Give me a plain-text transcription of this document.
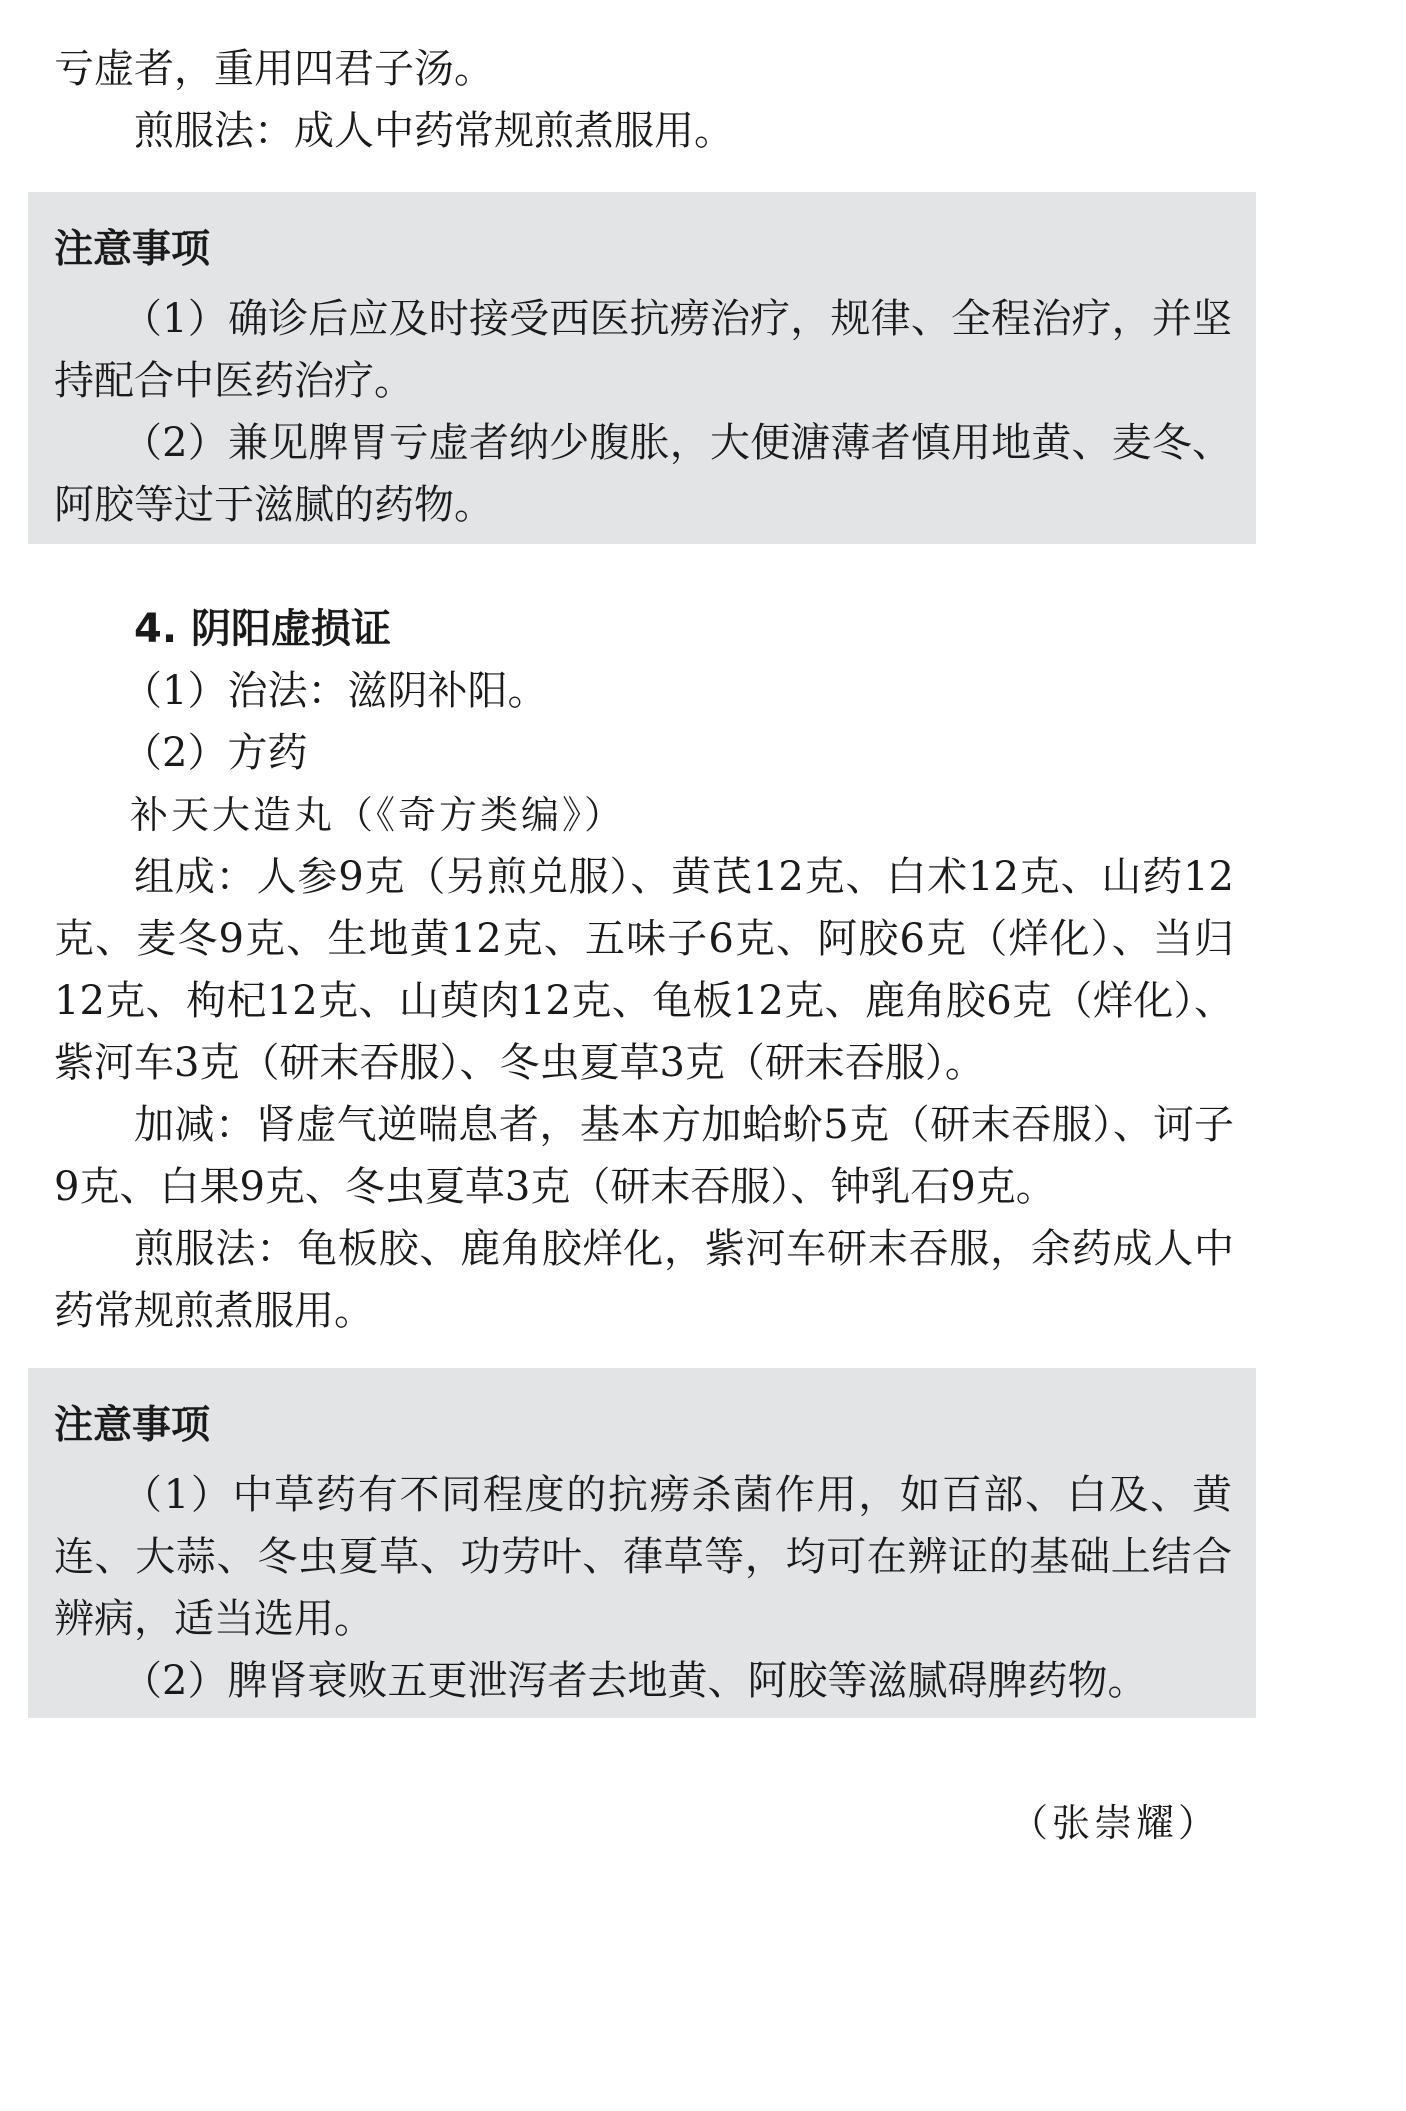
亏虚者，重用四君子汤。

煎服法：成人中药常规煎煮服用。

注意事项

（1）确诊后应及时接受西医抗痨治疗，规律、全程治疗，并坚持配合中医药治疗。

（2）兼见脾胃亏虚者纳少腹胀，大便溏薄者慎用地黄、麦冬、阿胶等过于滋腻的药物。

4. 阴阳虚损证

（1）治法：滋阴补阳。

（2）方药

补天大造丸（《奇方类编》）

组成：人参9克（另煎兑服）、黄芪12克、白术12克、山药12克、麦冬9克、生地黄12克、五味子6克、阿胶6克（烊化）、当归12克、枸杞12克、山萸肉12克、龟板12克、鹿角胶6克（烊化）、紫河车3克（研末吞服）、冬虫夏草3克（研末吞服）。

加减：肾虚气逆喘息者，基本方加蛤蚧5克（研末吞服）、诃子9克、白果9克、冬虫夏草3克（研末吞服）、钟乳石9克。

煎服法：龟板胶、鹿角胶烊化，紫河车研末吞服，余药成人中药常规煎煮服用。

注意事项

（1）中草药有不同程度的抗痨杀菌作用，如百部、白及、黄连、大蒜、冬虫夏草、功劳叶、葎草等，均可在辨证的基础上结合辨病，适当选用。

（2）脾肾衰败五更泄泻者去地黄、阿胶等滋腻碍脾药物。

（张崇耀）
